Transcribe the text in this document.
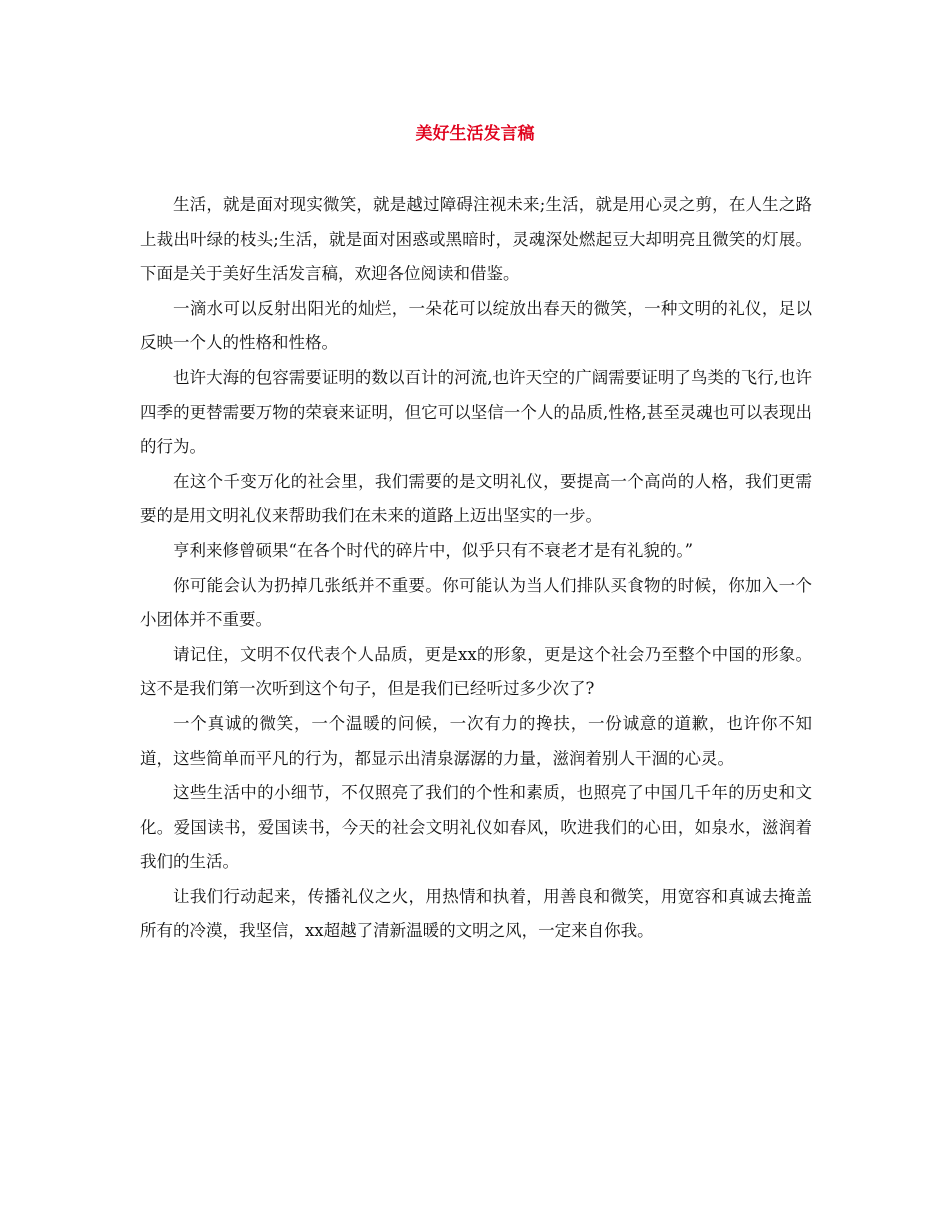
美好生活发言稿

生活，就是面对现实微笑，就是越过障碍注视未来;生活，就是用心灵之剪，在人生之路上裁出叶绿的枝头;生活，就是面对困惑或黑暗时，灵魂深处燃起豆大却明亮且微笑的灯展。下面是关于美好生活发言稿，欢迎各位阅读和借鉴。

一滴水可以反射出阳光的灿烂，一朵花可以绽放出春天的微笑，一种文明的礼仪，足以反映一个人的性格和性格。

也许大海的包容需要证明的数以百计的河流,也许天空的广阔需要证明了鸟类的飞行,也许四季的更替需要万物的荣衰来证明，但它可以坚信一个人的品质,性格,甚至灵魂也可以表现出的行为。

在这个千变万化的社会里，我们需要的是文明礼仪，要提高一个高尚的人格，我们更需要的是用文明礼仪来帮助我们在未来的道路上迈出坚实的一步。

亨利来修曾硕果“在各个时代的碎片中，似乎只有不衰老才是有礼貌的。”

你可能会认为扔掉几张纸并不重要。你可能认为当人们排队买食物的时候，你加入一个小团体并不重要。

请记住，文明不仅代表个人品质，更是xx的形象，更是这个社会乃至整个中国的形象。这不是我们第一次听到这个句子，但是我们已经听过多少次了?

一个真诚的微笑，一个温暖的问候，一次有力的搀扶，一份诚意的道歉，也许你不知道，这些简单而平凡的行为，都显示出清泉潺潺的力量，滋润着别人干涸的心灵。

这些生活中的小细节，不仅照亮了我们的个性和素质，也照亮了中国几千年的历史和文化。爱国读书，爱国读书，今天的社会文明礼仪如春风，吹进我们的心田，如泉水，滋润着我们的生活。

让我们行动起来，传播礼仪之火，用热情和执着，用善良和微笑，用宽容和真诚去掩盖所有的冷漠，我坚信，xx超越了清新温暖的文明之风，一定来自你我。
